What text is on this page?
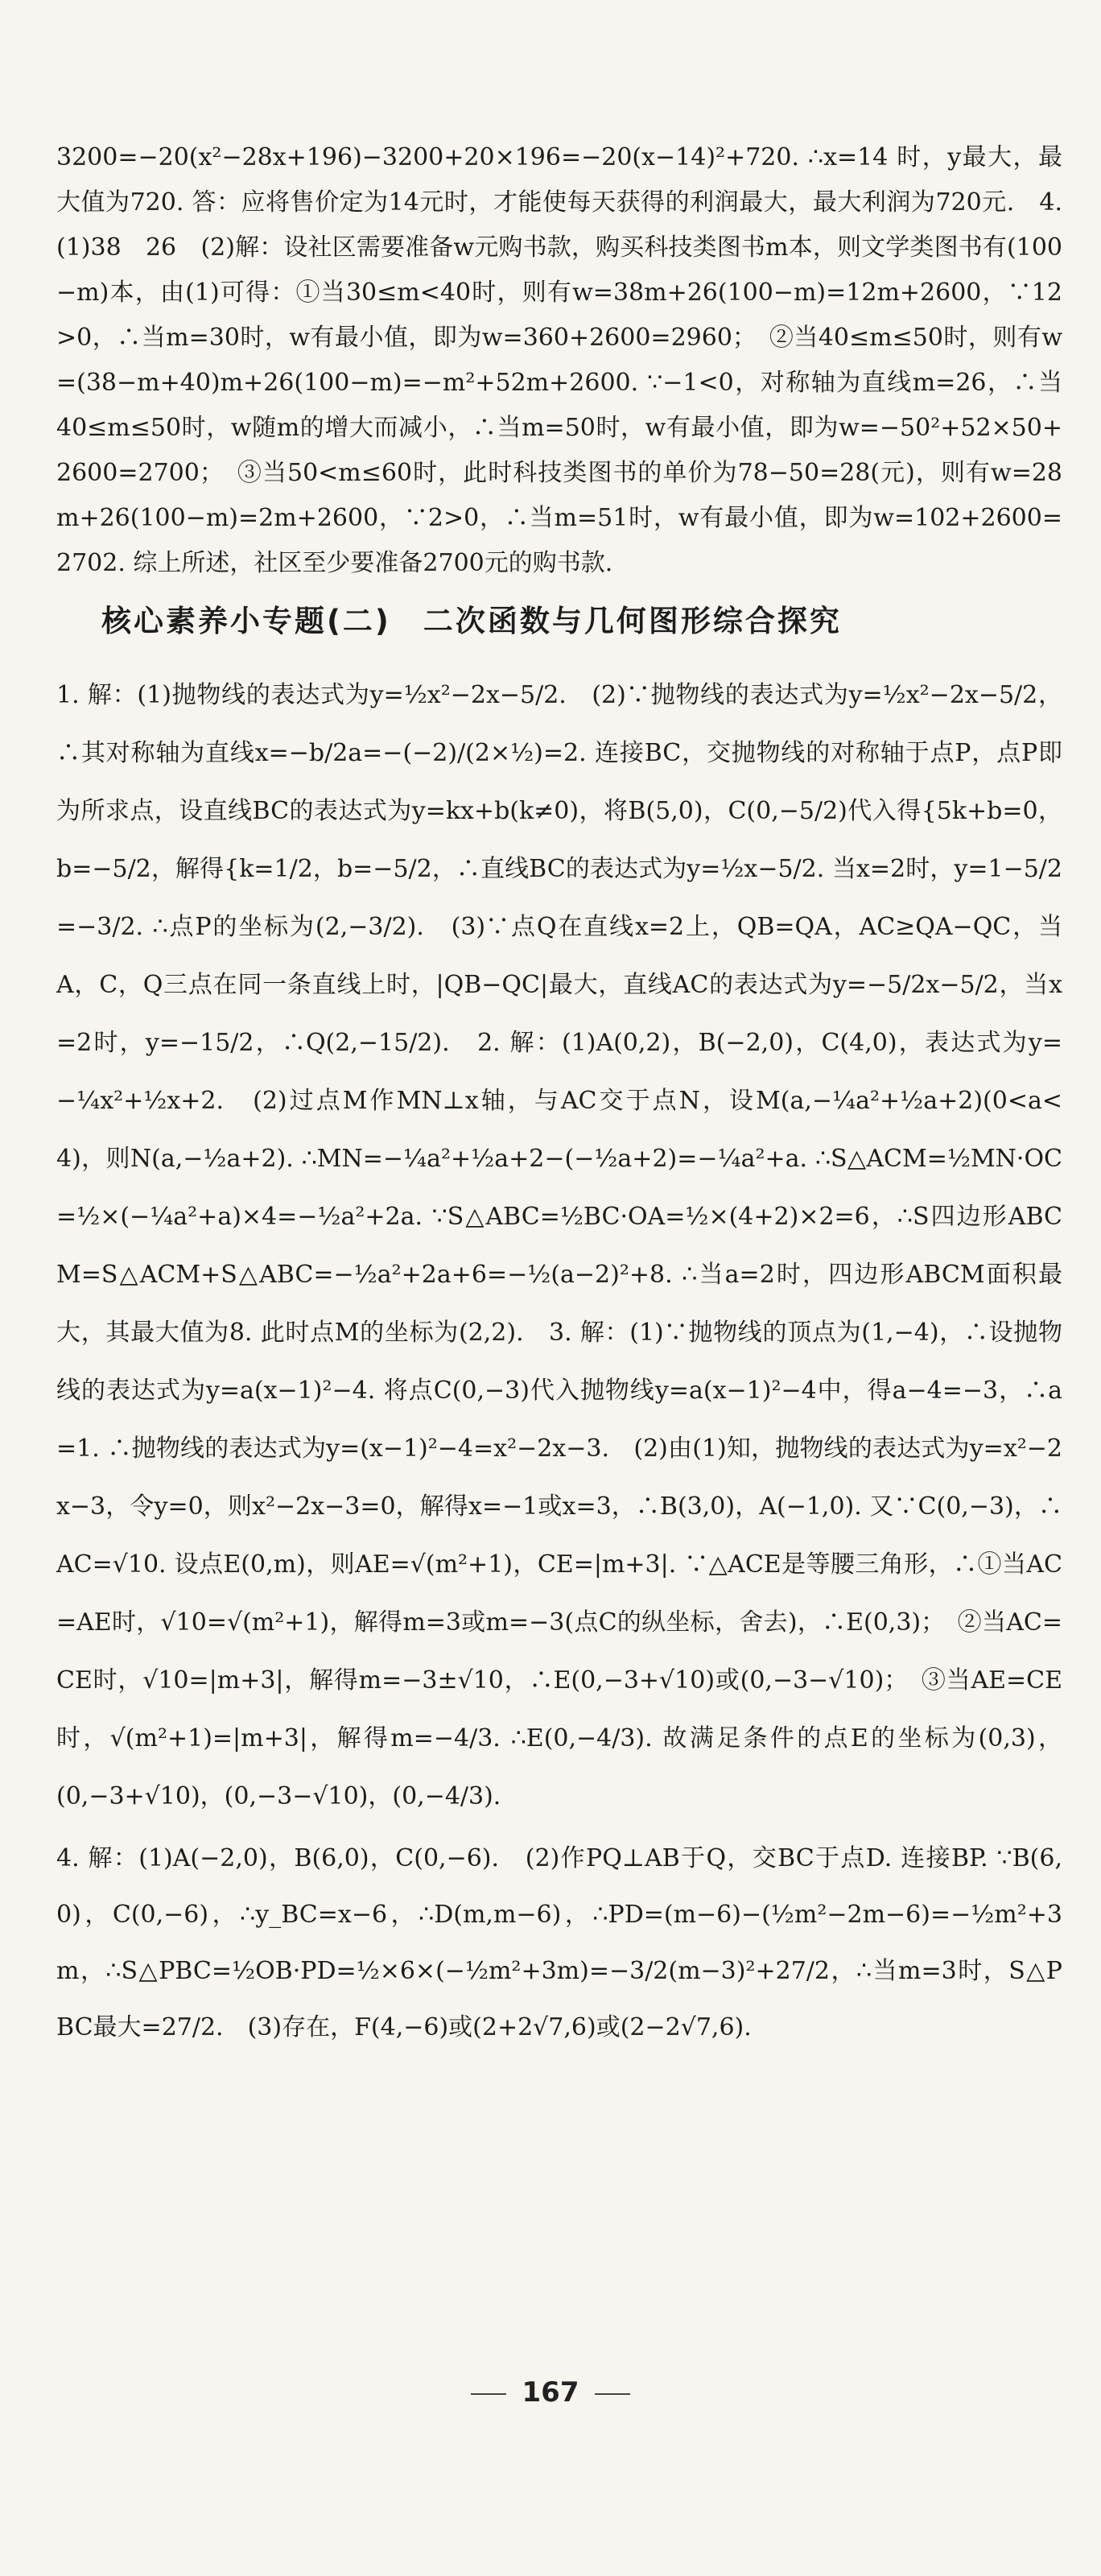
3200=−20(x²−28x+196)−3200+20×196=−20(x−14)²+720. ∴x=14 时，y最大，最大值为720. 答：应将售价定为14元时，才能使每天获得的利润最大，最大利润为720元.　4.(1)38　26　(2)解：设社区需要准备w元购书款，购买科技类图书m本，则文学类图书有(100−m)本，由(1)可得：①当30≤m<40时，则有w=38m+26(100−m)=12m+2600，∵12>0，∴当m=30时，w有最小值，即为w=360+2600=2960；　②当40≤m≤50时，则有w=(38−m+40)m+26(100−m)=−m²+52m+2600. ∵−1<0，对称轴为直线m=26，∴当40≤m≤50时，w随m的增大而减小，∴当m=50时，w有最小值，即为w=−50²+52×50+2600=2700；　③当50<m≤60时，此时科技类图书的单价为78−50=28(元)，则有w=28m+26(100−m)=2m+2600，∵2>0，∴当m=51时，w有最小值，即为w=102+2600=2702. 综上所述，社区至少要准备2700元的购书款.

核心素养小专题(二)　二次函数与几何图形综合探究

1. 解：(1)抛物线的表达式为y=½x²−2x−5/2.　(2)∵抛物线的表达式为y=½x²−2x−5/2，∴其对称轴为直线x=−b/2a=−(−2)/(2×½)=2. 连接BC，交抛物线的对称轴于点P，点P即为所求点，设直线BC的表达式为y=kx+b(k≠0)，将B(5,0)，C(0,−5/2)代入得{5k+b=0，b=−5/2，解得{k=1/2，b=−5/2，∴直线BC的表达式为y=½x−5/2. 当x=2时，y=1−5/2=−3/2. ∴点P的坐标为(2,−3/2).　(3)∵点Q在直线x=2上，QB=QA，AC≥QA−QC，当A，C，Q三点在同一条直线上时，|QB−QC|最大，直线AC的表达式为y=−5/2x−5/2，当x=2时，y=−15/2，∴Q(2,−15/2).　2. 解：(1)A(0,2)，B(−2,0)，C(4,0)，表达式为y=−¼x²+½x+2.　(2)过点M作MN⊥x轴，与AC交于点N，设M(a,−¼a²+½a+2)(0<a<4)，则N(a,−½a+2). ∴MN=−¼a²+½a+2−(−½a+2)=−¼a²+a. ∴S△ACM=½MN·OC=½×(−¼a²+a)×4=−½a²+2a. ∵S△ABC=½BC·OA=½×(4+2)×2=6，∴S四边形ABCM=S△ACM+S△ABC=−½a²+2a+6=−½(a−2)²+8. ∴当a=2时，四边形ABCM面积最大，其最大值为8. 此时点M的坐标为(2,2).　3. 解：(1)∵抛物线的顶点为(1,−4)，∴设抛物线的表达式为y=a(x−1)²−4. 将点C(0,−3)代入抛物线y=a(x−1)²−4中，得a−4=−3，∴a=1. ∴抛物线的表达式为y=(x−1)²−4=x²−2x−3.　(2)由(1)知，抛物线的表达式为y=x²−2x−3，令y=0，则x²−2x−3=0，解得x=−1或x=3，∴B(3,0)，A(−1,0). 又∵C(0,−3)，∴AC=√10. 设点E(0,m)，则AE=√(m²+1)，CE=|m+3|. ∵△ACE是等腰三角形，∴①当AC=AE时，√10=√(m²+1)，解得m=3或m=−3(点C的纵坐标，舍去)，∴E(0,3)；　②当AC=CE时，√10=|m+3|，解得m=−3±√10，∴E(0,−3+√10)或(0,−3−√10)；　③当AE=CE时，√(m²+1)=|m+3|，解得m=−4/3. ∴E(0,−4/3). 故满足条件的点E的坐标为(0,3)，(0,−3+√10)，(0,−3−√10)，(0,−4/3).

4. 解：(1)A(−2,0)，B(6,0)，C(0,−6).　(2)作PQ⊥AB于Q，交BC于点D. 连接BP. ∵B(6,0)，C(0,−6)，∴y_BC=x−6，∴D(m,m−6)，∴PD=(m−6)−(½m²−2m−6)=−½m²+3m，∴S△PBC=½OB·PD=½×6×(−½m²+3m)=−3/2(m−3)²+27/2，∴当m=3时，S△PBC最大=27/2.　(3)存在，F(4,−6)或(2+2√7,6)或(2−2√7,6).

167
